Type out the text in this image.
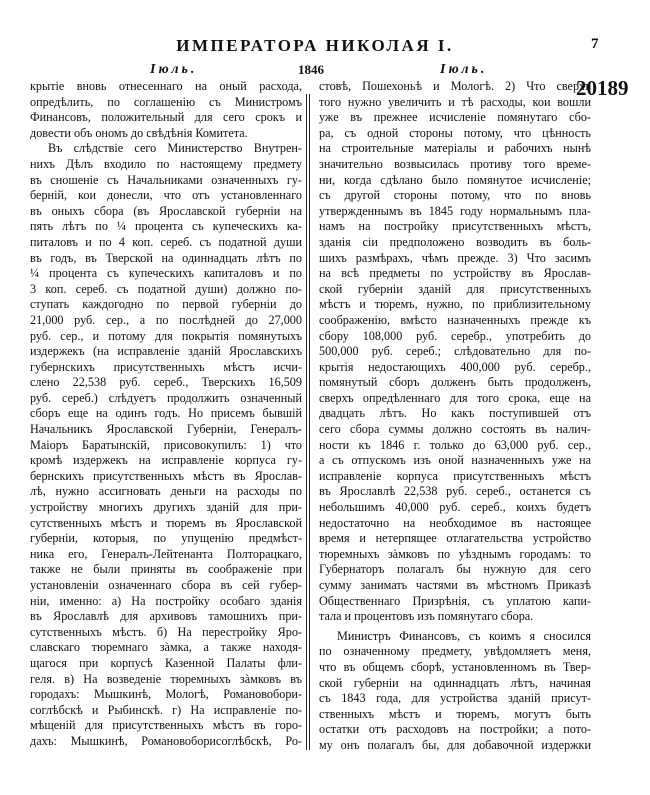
ИМПЕРАТОРА НИКОЛАЯ I.	7
Іюль.	1846	Іюль.
20189
крытіе вновь отнесеннаго на оный расхода,
опредѣлить, по соглашенію съ Министромъ
Финансовъ, положительный для сего срокъ и
довести объ ономъ до свѣдѣнія Комитета.
Въ слѣдствіе сего Министерство Внутрен-
нихъ Дѣлъ входило по настоящему предмету
въ сношеніе съ Начальниками означенныхъ гу-
берній, кои донесли, что отъ установленнаго
въ оныхъ сбора (въ Ярославской губерніи на
пять лѣтъ по ¼ процента съ купеческихъ ка-
питаловъ и по 4 коп. сереб. съ податной души
въ годъ, въ Тверской на одиннадцать лѣтъ по
¼ процента съ купеческихъ капиталовъ и по
3 коп. сереб. съ податной души) должно по-
ступать каждогодно по первой губерніи до
21,000 руб. сер., а по послѣдней до 27,000
руб. сер., и потому для покрытія помянутыхъ
издержекъ (на исправленіе зданій Ярославскихъ
губернскихъ присутственныхъ мѣстъ исчи-
слено 22,538 руб. сереб., Тверскихъ 16,509
руб. сереб.) слѣдуетъ продолжить означенный
сборъ еще на одинъ годъ. Но присемъ бывшій
Начальникъ Ярославской Губерніи, Генералъ-
Маіоръ Баратынскій, присовокупилъ: 1) что
кромѣ издержекъ на исправленіе корпуса гу-
бернскихъ присутственныхъ мѣстъ въ Ярослав-
лѣ, нужно ассигновать деньги на расходы по
устройству многихъ другихъ зданій для при-
сутственныхъ мѣстъ и тюремъ въ Ярославской
губерніи, которыя, по упущенію предмѣст-
ника его, Генералъ-Лейтенанта Полторацкаго,
также не были приняты въ соображеніе при
установленіи означеннаго сбора въ сей губер-
ніи, именно: а) На постройку особаго зданія
въ Ярославлѣ для архивовъ тамошнихъ при-
сутственныхъ мѣстъ. б) На перестройку Яро-
славскаго тюремнаго зàмка, а также находя-
щагося при корпусѣ Казенной Палаты фли-
геля. в) На возведеніе тюремныхъ зàмковъ въ
городахъ: Мышкинѣ, Мологѣ, Романовобори-
соглѣбскѣ и Рыбинскѣ. г) На исправленіе по-
мѣщеній для присутственныхъ мѣстъ въ горо-
дахъ: Мышкинѣ, Романовоборисоглѣбскѣ, Ро-
стовѣ, Пошехоньѣ и Мологѣ. 2) Что сверхъ
того нужно увеличить и тѣ расходы, кои вошли
уже въ прежнее исчисленіе помянутаго сбо-
ра, съ одной стороны потому, что цѣнность
на строительные матеріалы и рабочихъ нынѣ
значительно возвысилась противу того време-
ни, когда сдѣлано было помянутое исчисленіе;
съ другой стороны потому, что по вновь
утвержденнымъ въ 1845 году нормальнымъ пла-
намъ на постройку присутственныхъ мѣстъ,
зданія сіи предположено возводить въ боль-
шихъ размѣрахъ, чѣмъ прежде. 3) Что засимъ
на всѣ предметы по устройству въ Ярослав-
ской губерніи зданій для присутственныхъ
мѣстъ и тюремъ, нужно, по приблизительному
соображенію, вмѣсто назначенныхъ прежде къ
сбору 108,000 руб. серебр., употребить до
500,000 руб. сереб.; слѣдовательно для по-
крытія недостающихъ 400,000 руб. серебр.,
помянутый сборъ долженъ быть продолженъ,
сверхъ опредѣленнаго для того срока, еще на
двадцать лѣтъ. Но какъ поступившей отъ
сего сбора суммы должно состоять въ налич-
ности къ 1846 г. только до 63,000 руб. сер.,
а съ отпускомъ изъ оной назначенныхъ уже на
исправленіе корпуса присутственныхъ мѣстъ
въ Ярославлѣ 22,538 руб. сереб., останется съ
небольшимъ 40,000 руб. сереб., коихъ будетъ
недостаточно на необходимое въ настоящее
время и нетерпящее отлагательства устройство
тюремныхъ зàмковъ по уѣзднымъ городамъ: то
Губернаторъ полагалъ бы нужную для сего
сумму занимать частями въ мѣстномъ Приказѣ
Общественнаго Призрѣнія, съ уплатою капи-
тала и процентовъ изъ помянутаго сбора.
Министръ Финансовъ, съ коимъ я сносился
по означенному предмету, увѣдомляетъ меня,
что въ общемъ сборѣ, установленномъ въ Твер-
ской губерніи на одиннадцать лѣтъ, начиная
съ 1843 года, для устройства зданій присут-
ственныхъ мѣстъ и тюремъ, могутъ быть
остатки отъ расходовъ на постройки; а пото-
му онъ полагалъ бы, для добавочной издержки
